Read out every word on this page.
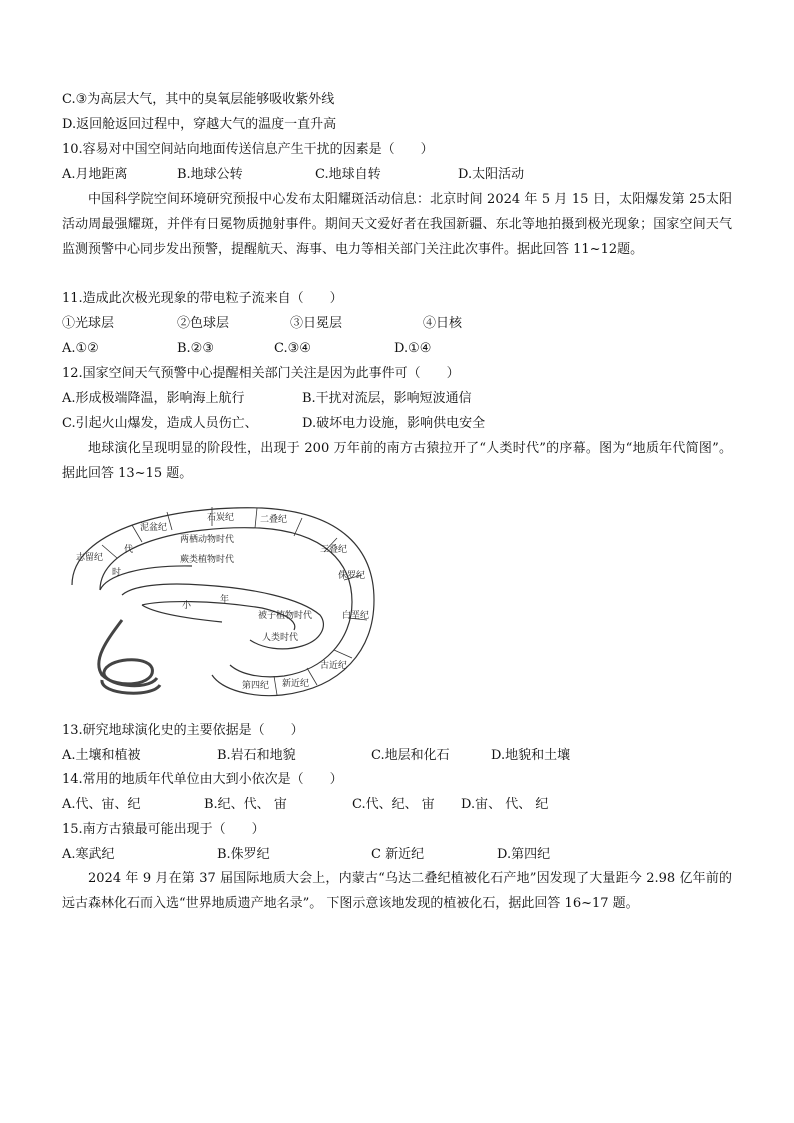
C.③为高层大气，其中的臭氧层能够吸收紫外线
D.返回舱返回过程中，穿越大气的温度一直升高
10.容易对中国空间站向地面传送信息产生干扰的因素是（　　）
A.月地距离	B.地球公转	C.地球自转	D.太阳活动
中国科学院空间环境研究预报中心发布太阳耀斑活动信息：北京时间 2024 年 5 月 15 日，太阳爆发第 25太阳活动周最强耀斑，并伴有日冕物质抛射事件。期间天文爱好者在我国新疆、东北等地拍摄到极光现象；国家空间天气监测预警中心同步发出预警，提醒航天、海事、电力等相关部门关注此次事件。据此回答 11~12题。
11.造成此次极光现象的带电粒子流来自（　　）
①光球层	②色球层	③日冕层	④日核
A.①②	B.②③	C.③④	D.①④
12.国家空间天气预警中心提醒相关部门关注是因为此事件可（　　）
A.形成极端降温，影响海上航行	B.干扰对流层，影响短波通信
C.引起火山爆发，造成人员伤亡、	D.破坏电力设施，影响供电安全
地球演化呈现明显的阶段性，出现于 200 万年前的南方古猿拉开了“人类时代”的序幕。图为“地质年代简图”。据此回答 13~15 题。
石炭纪
泥盆纪
二叠纪
两栖动物时代
蕨类植物时代
志留纪
三叠纪
侏罗纪
白垩纪
被子植物时代
人类时代
第四纪 新近纪
古近纪
时
代
年
小
13.研究地球演化史的主要依据是（　　）
A.土壤和植被	B.岩石和地貌	C.地层和化石	D.地貌和土壤
14.常用的地质年代单位由大到小依次是（　　）
A.代、宙、纪	B.纪、代、 宙	C.代、纪、 宙 D.宙、 代、 纪
15.南方古猿最可能出现于（　　）
A.寒武纪	B.侏罗纪	C 新近纪	D.第四纪
2024 年 9 月在第 37 届国际地质大会上，内蒙古“乌达二叠纪植被化石产地”因发现了大量距今 2.98 亿年前的远古森林化石而入选“世界地质遗产地名录”。 下图示意该地发现的植被化石，据此回答 16~17 题。
